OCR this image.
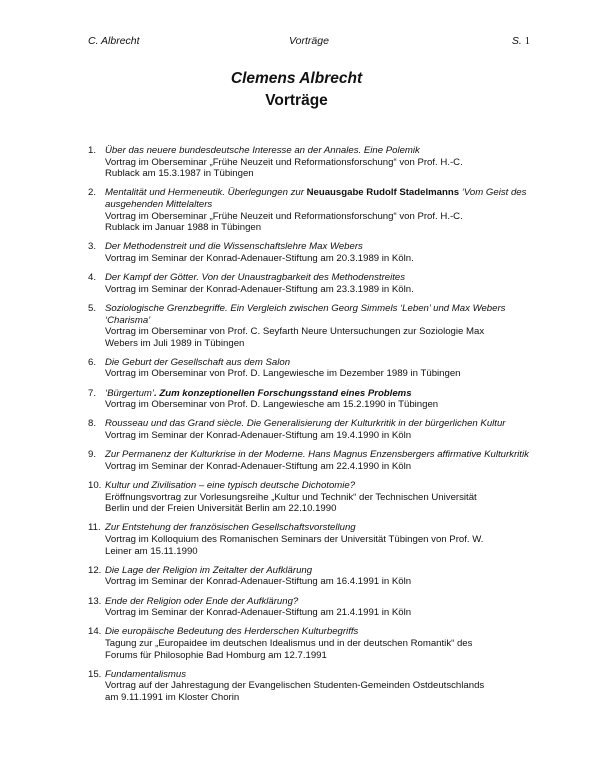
C. Albrecht	Vorträge	S. 1
Clemens Albrecht
Vorträge
1. Über das neuere bundesdeutsche Interesse an der Annales. Eine Polemik
Vortrag im Oberseminar „Frühe Neuzeit und Reformationsforschung“ von Prof. H.-C.
Rublack am 15.3.1987 in Tübingen
2. Mentalität und Hermeneutik. Überlegungen zur Neuausgabe Rudolf Stadelmanns ‘Vom Geist des ausgehenden Mittelalters
Vortrag im Oberseminar „Frühe Neuzeit und Reformationsforschung“ von Prof. H.-C.
Rublack im Januar 1988 in Tübingen
3. Der Methodenstreit und die Wissenschaftslehre Max Webers
Vortrag im Seminar der Konrad-Adenauer-Stiftung am 20.3.1989 in Köln.
4. Der Kampf der Götter. Von der Unaustragbarkeit des Methodenstreites
Vortrag im Seminar der Konrad-Adenauer-Stiftung am 23.3.1989 in Köln.
5. Soziologische Grenzbegriffe. Ein Vergleich zwischen Georg Simmels ‘Leben’ und Max Webers ‘Charisma’
Vortrag im Oberseminar von Prof. C. Seyfarth Neure Untersuchungen zur Soziologie Max
Webers im Juli 1989 in Tübingen
6. Die Geburt der Gesellschaft aus dem Salon
Vortrag im Oberseminar von Prof. D. Langewiesche im Dezember 1989 in Tübingen
7. ‘Bürgertum’. Zum konzeptionellen Forschungsstand eines Problems
Vortrag im Oberseminar von Prof. D. Langewiesche am 15.2.1990 in Tübingen
8. Rousseau und das Grand siècle. Die Generalisierung der Kulturkritik in der bürgerlichen Kultur
Vortrag im Seminar der Konrad-Adenauer-Stiftung am 19.4.1990 in Köln
9. Zur Permanenz der Kulturkrise in der Moderne. Hans Magnus Enzensbergers affirmative Kulturkritik
Vortrag im Seminar der Konrad-Adenauer-Stiftung am 22.4.1990 in Köln
10. Kultur und Zivilisation – eine typisch deutsche Dichotomie?
Eröffnungsvortrag zur Vorlesungsreihe „Kultur und Technik“ der Technischen Universität
Berlin und der Freien Universität Berlin am 22.10.1990
11. Zur Entstehung der französischen Gesellschaftsvorstellung
Vortrag im Kolloquium des Romanischen Seminars der Universität Tübingen von Prof. W.
Leiner am 15.11.1990
12. Die Lage der Religion im Zeitalter der Aufklärung
Vortrag im Seminar der Konrad-Adenauer-Stiftung am 16.4.1991 in Köln
13. Ende der Religion oder Ende der Aufklärung?
Vortrag im Seminar der Konrad-Adenauer-Stiftung am 21.4.1991 in Köln
14. Die europäische Bedeutung des Herderschen Kulturbegriffs
Tagung zur „Europaidee im deutschen Idealismus und in der deutschen Romantik“ des
Forums für Philosophie Bad Homburg am 12.7.1991
15. Fundamentalismus
Vortrag auf der Jahrestagung der Evangelischen Studenten-Gemeinden Ostdeutschlands
am 9.11.1991 im Kloster Chorin
